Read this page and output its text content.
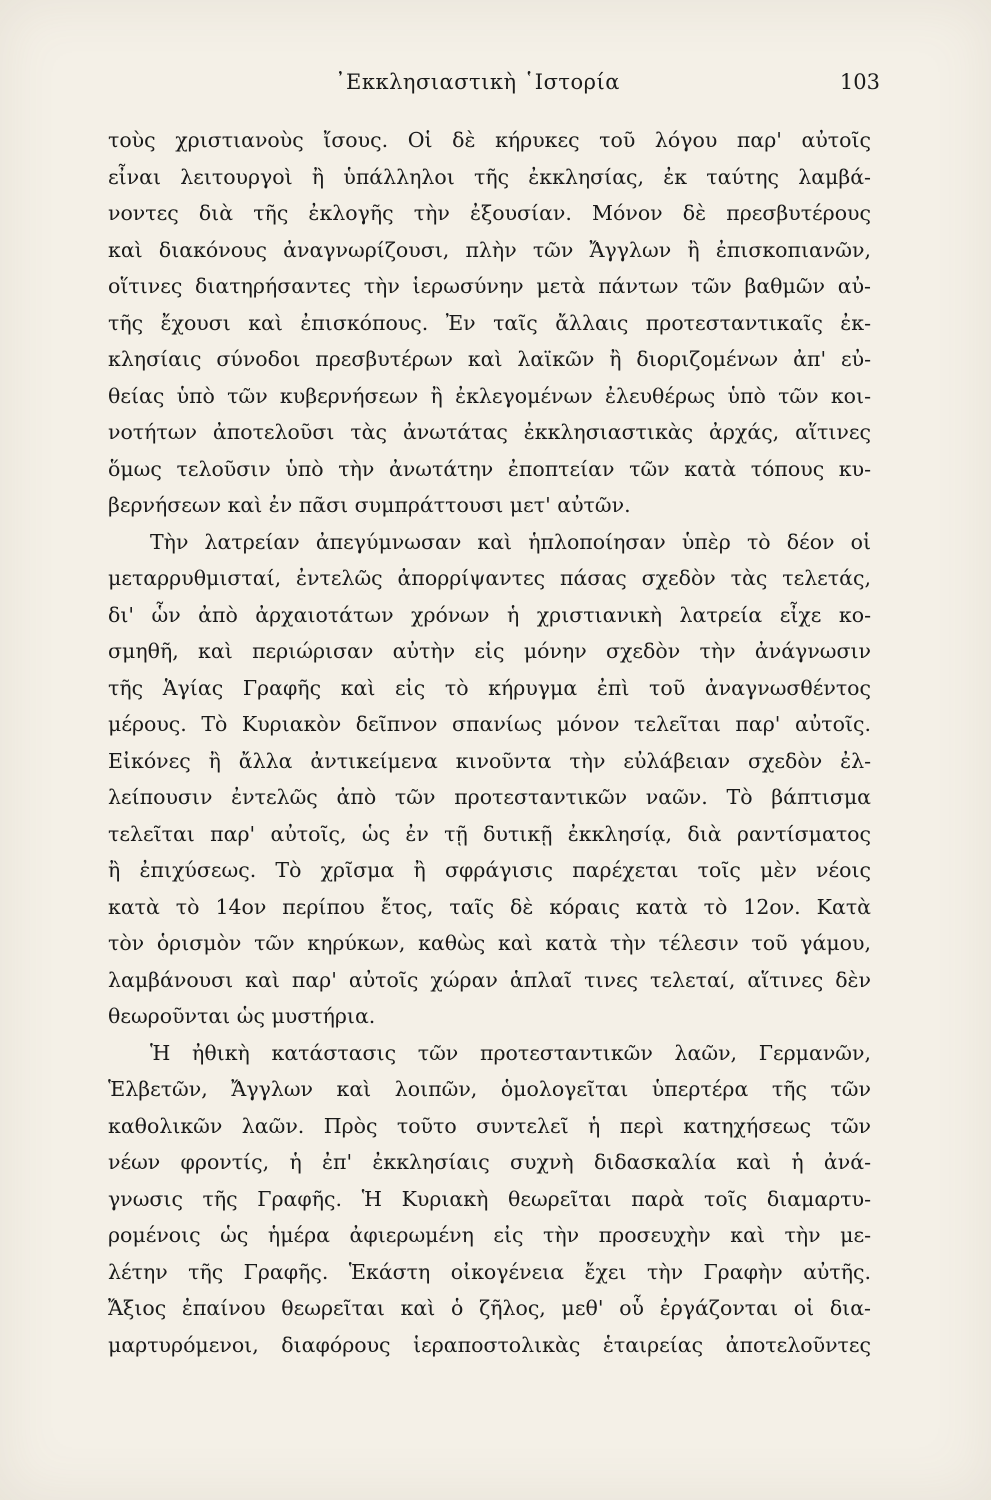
᾿Εκκλησιαστικὴ ῾Ιστορία	103
τοὺς χριστιανοὺς ἴσους. Οἱ δὲ κήρυκες τοῦ λόγου παρ' αὐτοῖς
εἶναι λειτουργοὶ ἢ ὑπάλληλοι τῆς ἐκκλησίας, ἐκ ταύτης λαμβά-
νοντες διὰ τῆς ἐκλογῆς τὴν ἐξουσίαν. Μόνον δὲ πρεσβυτέρους
καὶ διακόνους ἀναγνωρίζουσι, πλὴν τῶν Ἄγγλων ἢ ἐπισκοπιανῶν,
οἵτινες διατηρήσαντες τὴν ἱερωσύνην μετὰ πάντων τῶν βαθμῶν αὐ-
τῆς ἔχουσι καὶ ἐπισκόπους. Ἐν ταῖς ἄλλαις προτεσταντικαῖς ἐκ-
κλησίαις σύνοδοι πρεσβυτέρων καὶ λαϊκῶν ἢ διοριζομένων ἀπ' εὐ-
θείας ὑπὸ τῶν κυβερνήσεων ἢ ἐκλεγομένων ἐλευθέρως ὑπὸ τῶν κοι-
νοτήτων ἀποτελοῦσι τὰς ἀνωτάτας ἐκκλησιαστικὰς ἀρχάς, αἵτινες
ὅμως τελοῦσιν ὑπὸ τὴν ἀνωτάτην ἐποπτείαν τῶν κατὰ τόπους κυ-
βερνήσεων καὶ ἐν πᾶσι συμπράττουσι μετ' αὐτῶν.
Τὴν λατρείαν ἀπεγύμνωσαν καὶ ἡπλοποίησαν ὑπὲρ τὸ δέον οἱ
μεταρρυθμισταί, ἐντελῶς ἀπορρίψαντες πάσας σχεδὸν τὰς τελετάς,
δι' ὧν ἀπὸ ἀρχαιοτάτων χρόνων ἡ χριστιανικὴ λατρεία εἶχε κο-
σμηθῆ, καὶ περιώρισαν αὐτὴν εἰς μόνην σχεδὸν τὴν ἀνάγνωσιν
τῆς Ἁγίας Γραφῆς καὶ εἰς τὸ κήρυγμα ἐπὶ τοῦ ἀναγνωσθέντος
μέρους. Τὸ Κυριακὸν δεῖπνον σπανίως μόνον τελεῖται παρ' αὐτοῖς.
Εἰκόνες ἢ ἄλλα ἀντικείμενα κινοῦντα τὴν εὐλάβειαν σχεδὸν ἐλ-
λείπουσιν ἐντελῶς ἀπὸ τῶν προτεσταντικῶν ναῶν. Τὸ βάπτισμα
τελεῖται παρ' αὐτοῖς, ὡς ἐν τῇ δυτικῇ ἐκκλησίᾳ, διὰ ραντίσματος
ἢ ἐπιχύσεως. Τὸ χρῖσμα ἢ σφράγισις παρέχεται τοῖς μὲν νέοις
κατὰ τὸ 14ον περίπου ἔτος, ταῖς δὲ κόραις κατὰ τὸ 12ον. Κατὰ
τὸν ὁρισμὸν τῶν κηρύκων, καθὼς καὶ κατὰ τὴν τέλεσιν τοῦ γάμου,
λαμβάνουσι καὶ παρ' αὐτοῖς χώραν ἁπλαῖ τινες τελεταί, αἵτινες δὲν
θεωροῦνται ὡς μυστήρια.
Ἡ ἠθικὴ κατάστασις τῶν προτεσταντικῶν λαῶν, Γερμανῶν,
Ἑλβετῶν, Ἄγγλων καὶ λοιπῶν, ὁμολογεῖται ὑπερτέρα τῆς τῶν
καθολικῶν λαῶν. Πρὸς τοῦτο συντελεῖ ἡ περὶ κατηχήσεως τῶν
νέων φροντίς, ἡ ἐπ' ἐκκλησίαις συχνὴ διδασκαλία καὶ ἡ ἀνά-
γνωσις τῆς Γραφῆς. Ἡ Κυριακὴ θεωρεῖται παρὰ τοῖς διαμαρτυ-
ρομένοις ὡς ἡμέρα ἀφιερωμένη εἰς τὴν προσευχὴν καὶ τὴν με-
λέτην τῆς Γραφῆς. Ἑκάστη οἰκογένεια ἔχει τὴν Γραφὴν αὐτῆς.
Ἄξιος ἐπαίνου θεωρεῖται καὶ ὁ ζῆλος, μεθ' οὗ ἐργάζονται οἱ δια-
μαρτυρόμενοι, διαφόρους ἱεραποστολικὰς ἑταιρείας ἀποτελοῦντες
